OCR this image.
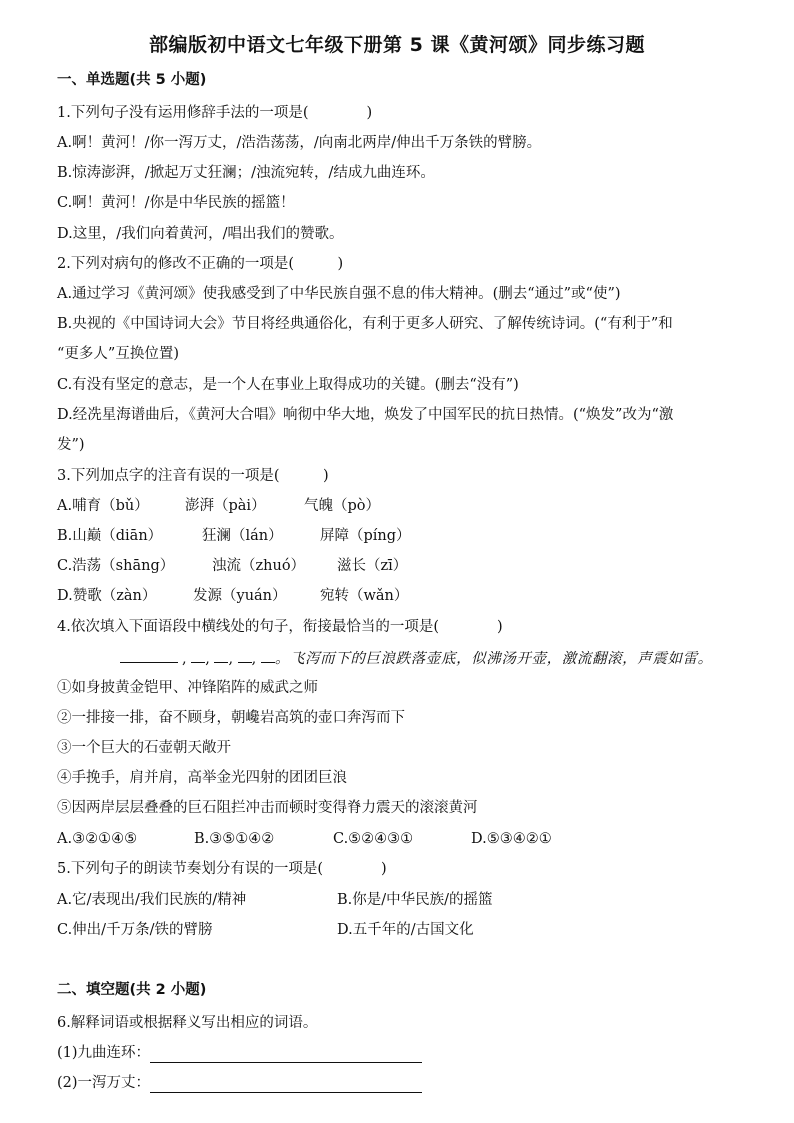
部编版初中语文七年级下册第 5 课《黄河颂》同步练习题
一、单选题(共 5 小题)
1.下列句子没有运用修辞手法的一项是(　　　　)
A.啊！黄河！/你一泻万丈，/浩浩荡荡，/向南北两岸/伸出千万条铁的臂膀。
B.惊涛澎湃，/掀起万丈狂澜；/浊流宛转，/结成九曲连环。
C.啊！黄河！/你是中华民族的摇篮！
D.这里，/我们向着黄河，/唱出我们的赞歌。
2.下列对病句的修改不正确的一项是(　　　)
A.通过学习《黄河颂》使我感受到了中华民族自强不息的伟大精神。(删去“通过”或“使”)
B.央视的《中国诗词大会》节目将经典通俗化，有利于更多人研究、了解传统诗词。(“有利于”和
“更多人”互换位置)
C.有没有坚定的意志，是一个人在事业上取得成功的关键。(删去“没有”)
D.经冼星海谱曲后，《黄河大合唱》响彻中华大地，焕发了中国军民的抗日热情。(“焕发”改为“激
发”)
3.下列加点字的注音有误的一项是(　　　)
A.哺育（bǔ）	澎湃（pài）	气魄（pò）
B.山巅（diān）	狂澜（lán）	屏障（píng）
C.浩荡（shāng）	浊流（zhuó） 滋长（zī）
D.赞歌（zàn）	发源（yuán） 宛转（wǎn）
4.依次填入下面语段中横线处的句子，衔接最恰当的一项是(　　　　)
, , , , 。飞泻而下的巨浪跌落壶底，似沸汤开壶，激流翻滚，声震如雷。
①如身披黄金铠甲、冲锋陷阵的威武之师
②一排接一排，奋不顾身，朝巉岩高筑的壶口奔泻而下
③一个巨大的石壶朝天敞开
④手挽手，肩并肩，高举金光四射的团团巨浪
⑤因两岸层层叠叠的巨石阻拦冲击而顿时变得脊力震天的滚滚黄河
A.③②①④⑤	B.③⑤①④②	C.⑤②④③①	D.⑤③④②①
5.下列句子的朗读节奏划分有误的一项是(　　　　)
A.它/表现出/我们民族的/精神	B.你是/中华民族/的摇篮
C.伸出/千万条/铁的臂膀	D.五千年的/古国文化
二、填空题(共 2 小题)
6.解释词语或根据释义写出相应的词语。
(1)九曲连环：
(2)一泻万丈：
